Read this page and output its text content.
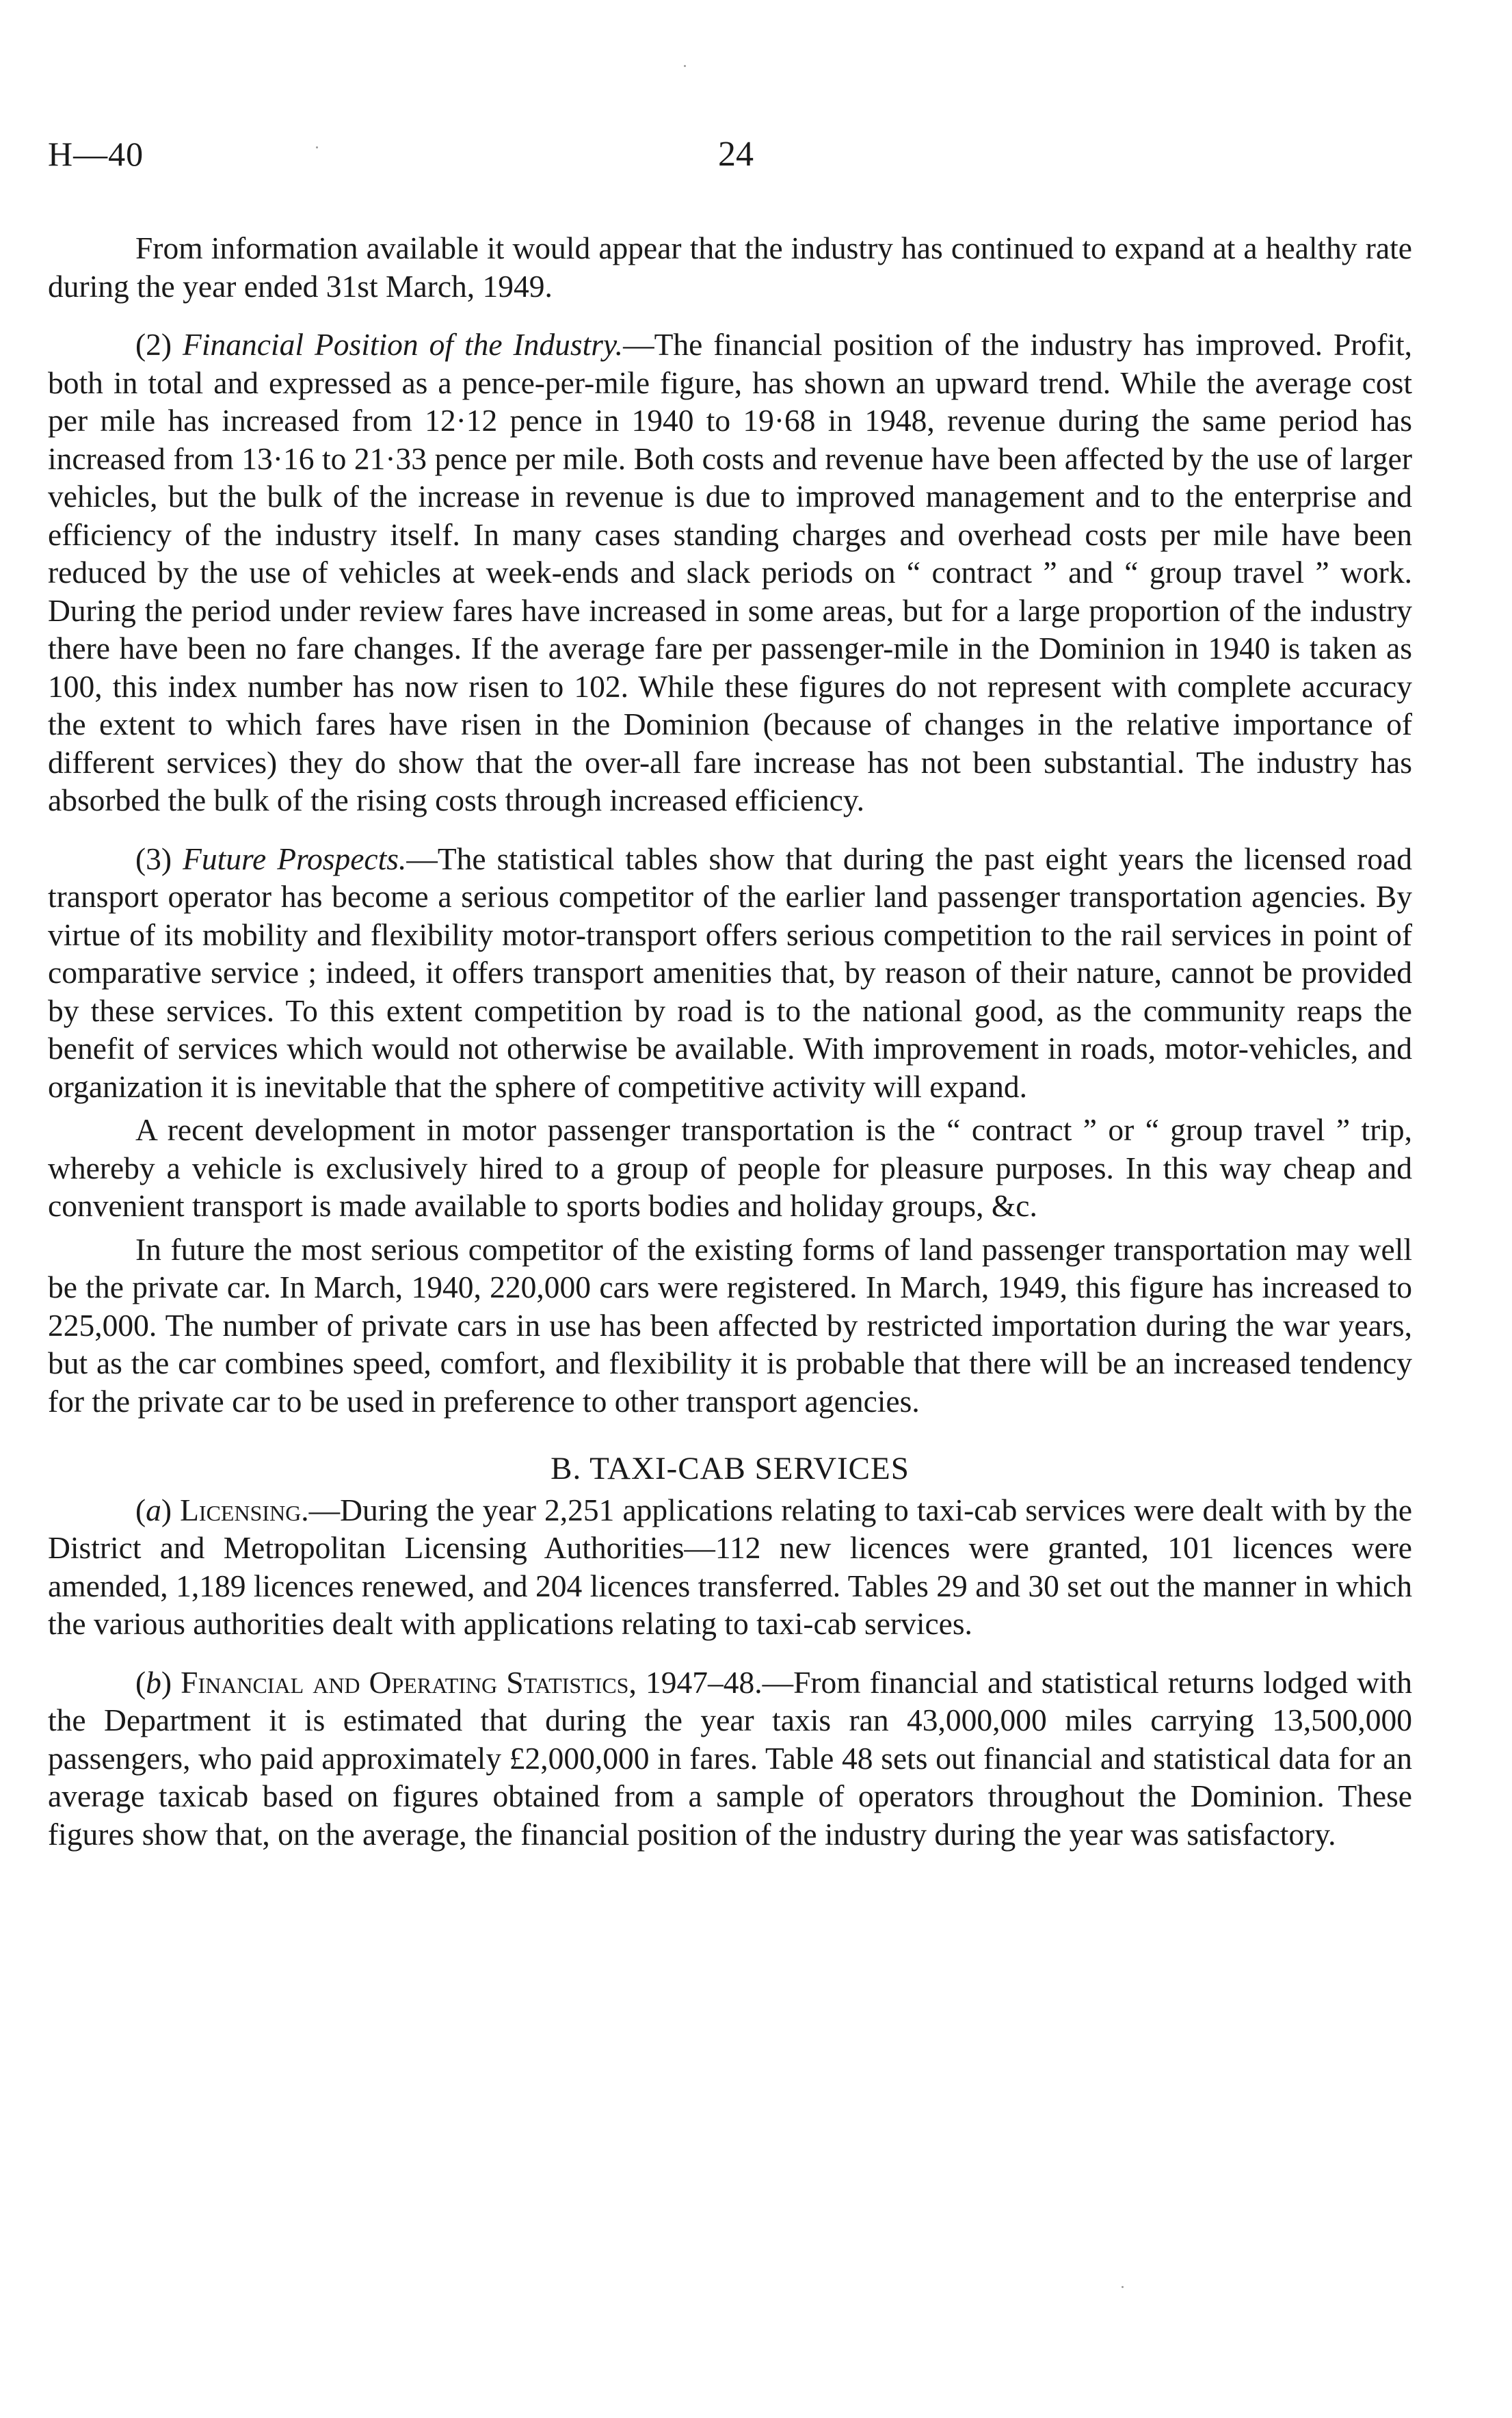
H—40	24

From information available it would appear that the industry has continued to expand at a healthy rate during the year ended 31st March, 1949.

(2) Financial Position of the Industry.—The financial position of the industry has improved. Profit, both in total and expressed as a pence-per-mile figure, has shown an upward trend. While the average cost per mile has increased from 12·12 pence in 1940 to 19·68 in 1948, revenue during the same period has increased from 13·16 to 21·33 pence per mile. Both costs and revenue have been affected by the use of larger vehicles, but the bulk of the increase in revenue is due to improved management and to the enterprise and efficiency of the industry itself. In many cases standing charges and overhead costs per mile have been reduced by the use of vehicles at week-ends and slack periods on “ contract ” and “ group travel ” work. During the period under review fares have increased in some areas, but for a large proportion of the industry there have been no fare changes. If the average fare per passenger-mile in the Dominion in 1940 is taken as 100, this index number has now risen to 102. While these figures do not represent with complete accuracy the extent to which fares have risen in the Dominion (because of changes in the relative importance of different services) they do show that the over-all fare increase has not been substantial. The industry has absorbed the bulk of the rising costs through increased efficiency.

(3) Future Prospects.—The statistical tables show that during the past eight years the licensed road transport operator has become a serious competitor of the earlier land passenger transportation agencies. By virtue of its mobility and flexibility motor-transport offers serious competition to the rail services in point of comparative service ; indeed, it offers transport amenities that, by reason of their nature, cannot be provided by these services. To this extent competition by road is to the national good, as the community reaps the benefit of services which would not otherwise be available. With improvement in roads, motor-vehicles, and organization it is inevitable that the sphere of competitive activity will expand.

A recent development in motor passenger transportation is the “ contract ” or “ group travel ” trip, whereby a vehicle is exclusively hired to a group of people for pleasure purposes. In this way cheap and convenient transport is made available to sports bodies and holiday groups, &c.

In future the most serious competitor of the existing forms of land passenger transportation may well be the private car. In March, 1940, 220,000 cars were registered. In March, 1949, this figure has increased to 225,000. The number of private cars in use has been affected by restricted importation during the war years, but as the car combines speed, comfort, and flexibility it is probable that there will be an increased tendency for the private car to be used in preference to other transport agencies.

B. TAXI-CAB SERVICES

(a) Licensing.—During the year 2,251 applications relating to taxi-cab services were dealt with by the District and Metropolitan Licensing Authorities—112 new licences were granted, 101 licences were amended, 1,189 licences renewed, and 204 licences transferred. Tables 29 and 30 set out the manner in which the various authorities dealt with applications relating to taxi-cab services.

(b) Financial and Operating Statistics, 1947–48.—From financial and statistical returns lodged with the Department it is estimated that during the year taxis ran 43,000,000 miles carrying 13,500,000 passengers, who paid approximately £2,000,000 in fares. Table 48 sets out financial and statistical data for an average taxicab based on figures obtained from a sample of operators throughout the Dominion. These figures show that, on the average, the financial position of the industry during the year was satisfactory.
